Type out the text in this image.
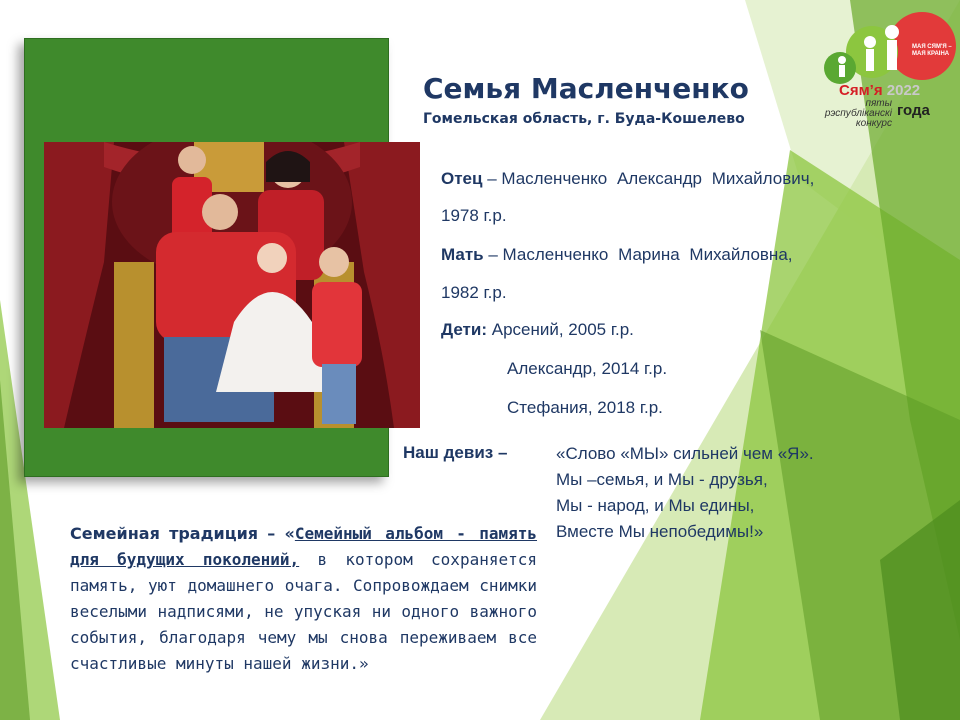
Семья Масленченко
Гомельская область, г. Буда-Кошелево
Отец – Масленченко Александр Михайлович,
1978 г.р.
Мать – Масленченко Марина Михайловна,
1982 г.р.
Дети: Арсений, 2005 г.р.
Александр, 2014 г.р.
Стефания, 2018 г.р.
Наш девиз –	«Слово «МЫ» сильней чем «Я».
Мы –семья, и Мы - друзья,
Мы - народ, и Мы едины,
Вместе Мы непобедимы!»
Семейная традиция – «Семейный альбом - память для будущих поколений, в котором сохраняется память, уют домашнего очага. Сопровождаем снимки веселыми надписями, не упуская ни одного важного события, благодаря чему мы снова переживаем все счастливые минуты нашей жизни.»
МАЯ СЯМ'Я – МАЯ КРАІНА
Сям’я 2022
пяты рэспубліканскі конкурс
года
